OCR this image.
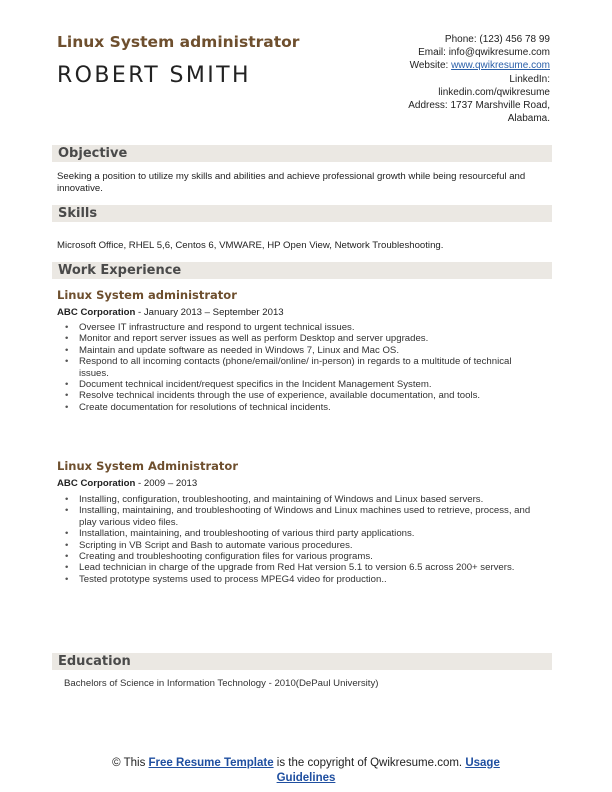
Linux System administrator
ROBERT SMITH
Phone: (123) 456 78 99
Email: info@qwikresume.com
Website: www.qwikresume.com
LinkedIn:
linkedin.com/qwikresume
Address: 1737 Marshville Road,
Alabama.
Objective
Seeking a position to utilize my skills and abilities and achieve professional growth while being resourceful and innovative.
Skills
Microsoft Office, RHEL 5,6, Centos 6, VMWARE, HP Open View, Network Troubleshooting.
Work Experience
Linux System administrator
ABC Corporation - January 2013 – September 2013
• Oversee IT infrastructure and respond to urgent technical issues.
• Monitor and report server issues as well as perform Desktop and server upgrades.
• Maintain and update software as needed in Windows 7, Linux and Mac OS.
• Respond to all incoming contacts (phone/email/online/ in-person) in regards to a multitude of technical issues.
• Document technical incident/request specifics in the Incident Management System.
• Resolve technical incidents through the use of experience, available documentation, and tools.
• Create documentation for resolutions of technical incidents.
Linux System Administrator
ABC Corporation - 2009 – 2013
• Installing, configuration, troubleshooting, and maintaining of Windows and Linux based servers.
• Installing, maintaining, and troubleshooting of Windows and Linux machines used to retrieve, process, and play various video files.
• Installation, maintaining, and troubleshooting of various third party applications.
• Scripting in VB Script and Bash to automate various procedures.
• Creating and troubleshooting configuration files for various programs.
• Lead technician in charge of the upgrade from Red Hat version 5.1 to version 6.5 across 200+ servers.
• Tested prototype systems used to process MPEG4 video for production..
Education
Bachelors of Science in Information Technology - 2010(DePaul University)
© This Free Resume Template is the copyright of Qwikresume.com. Usage
Guidelines
